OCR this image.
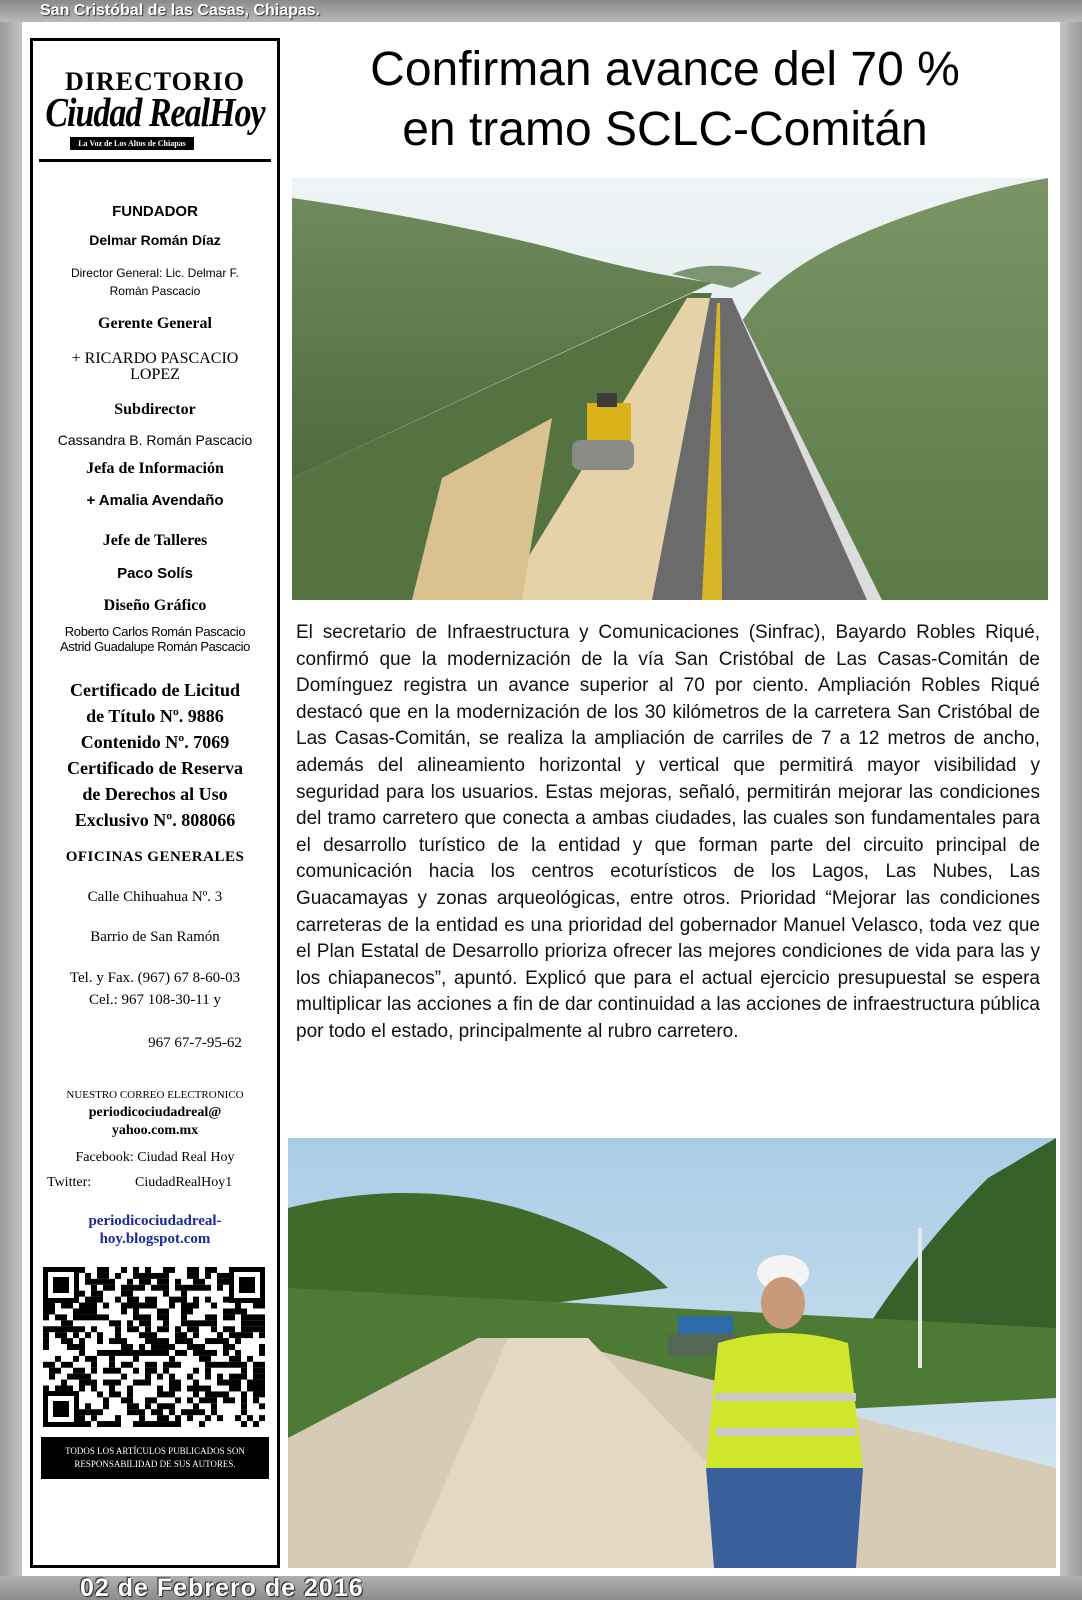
San Cristóbal de las Casas, Chiapas.
DIRECTORIO
Ciudad RealHoy
La Voz de Los Altos de Chiapas
FUNDADOR
Delmar Román Díaz
Director General: Lic. Delmar F.
Román Pascacio
Gerente General
+ RICARDO PASCACIO
LOPEZ
Subdirector
Cassandra B. Román Pascacio
Jefa de Información
+ Amalia Avendaño
Jefe de Talleres
Paco Solís
Diseño Gráfico
Roberto Carlos Román Pascacio
Astrid Guadalupe Román Pascacio
Certificado de Licitud
de Título Nº. 9886
Contenido Nº. 7069
Certificado de Reserva
de Derechos al Uso
Exclusivo Nº. 808066
OFICINAS GENERALES
Calle Chihuahua Nº. 3
Barrio de San Ramón
Tel. y Fax. (967) 67 8-60-03
Cel.: 967 108-30-11 y
967 67-7-95-62
NUESTRO CORREO ELECTRONICO
periodicociudadreal@
yahoo.com.mx
Facebook: Ciudad Real Hoy
Twitter:	CiudadRealHoy1
periodicociudadreal-
hoy.blogspot.com
TODOS LOS ARTÍCULOS PUBLICADOS SON RESPONSABILIDAD DE SUS AUTORES.
Confirman avance del 70 %
en tramo SCLC-Comitán
El secretario de Infraestructura y Comunicaciones (Sinfrac), Bayardo Robles Riqué, confirmó que la modernización de la vía San Cristóbal de Las Casas-Comitán de Domínguez registra un avance superior al 70 por ciento. Ampliación Robles Riqué destacó que en la modernización de los 30 kilómetros de la carretera San Cristóbal de Las Casas-Comitán, se realiza la ampliación de carriles de 7 a 12 metros de ancho, además del alineamiento horizontal y vertical que permitirá mayor visibilidad y seguridad para los usuarios. Estas mejoras, señaló, permitirán mejorar las condiciones del tramo carretero que conecta a ambas ciudades, las cuales son fundamentales para el desarrollo turístico de la entidad y que forman parte del circuito principal de comunicación hacia los centros ecoturísticos de los Lagos, Las Nubes, Las Guacamayas y zonas arqueológicas, entre otros. Prioridad “Mejorar las condiciones carreteras de la entidad es una prioridad del gobernador Manuel Velasco, toda vez que el Plan Estatal de Desarrollo prioriza ofrecer las mejores condiciones de vida para las y los chiapanecos”, apuntó. Explicó que para el actual ejercicio presupuestal se espera multiplicar las acciones a fin de dar continuidad a las acciones de infraestructura pública por todo el estado, principalmente al rubro carretero.
02 de Febrero de 2016
